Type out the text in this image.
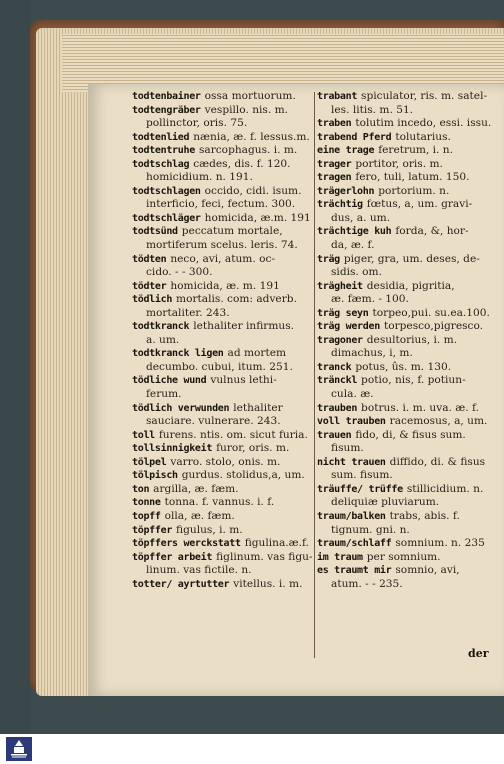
todtenbainer ossa mortuorum.
todtengräber vespillo. nis. m.
pollinctor, oris. 75.
todtenlied nænia, æ. f. lessus.m.
todtentruhe sarcophagus. i. m.
todtschlag cædes, dis. f. 120.
homicidium. n. 191.
todtschlagen occido, cidi. isum.
interficio, feci, fectum. 300.
todtschläger homicida, æ.m. 191
todtsünd peccatum mortale,
mortiferum scelus. leris. 74.
tödten neco, avi, atum. oc-
cido. - - 300.
tödter homicida, æ. m. 191
tödlich mortalis. com: adverb.
mortaliter. 243.
todtkranck lethaliter infirmus.
a. um.
todtkranck ligen ad mortem
decumbo. cubui, itum. 251.
tödliche wund vulnus lethi-
ferum.
tödlich verwunden lethaliter
sauciare. vulnerare. 243.
toll furens. ntis. om. sicut furia.
tollsinnigkeit furor, oris. m.
tölpel varro. stolo, onis. m.
tölpisch gurdus. stolidus,a, um.
ton argilla, æ. fæm.
tonne tonna. f. vannus. i. f.
topff olla, æ. fæm.
töpffer figulus, i. m.
töpffers werckstatt figulina.æ.f.
töpffer arbeit figlinum. vas figu-
linum. vas fictile. n.
totter/ ayrtutter vitellus. i. m.
trabant spiculator, ris. m. satel-
les. litis. m. 51.
traben tolutim incedo, essi. issu.
trabend Pferd tolutarius.
eine trage feretrum, i. n.
trager portitor, oris. m.
tragen fero, tuli, latum. 150.
trägerlohn portorium. n.
trächtig fœtus, a, um. gravi-
dus, a. um.
trächtige kuh forda, &, hor-
da, æ. f.
träg piger, gra, um. deses, de-
sidis. om.
trägheit desidia, pigritia,
æ. fæm. - 100.
träg seyn torpeo,pui. su.ea.100.
träg werden torpesco,pigresco.
tragoner desultorius, i. m.
dimachus, i, m.
tranck potus, ûs. m. 130.
tränckl potio, nis, f. potiun-
cula. æ.
trauben botrus. i. m. uva. æ. f.
voll trauben racemosus, a, um.
trauen fido, di, & fisus sum.
fisum.
nicht trauen diffido, di. & fisus
sum. fisum.
träuffe/ trüffe stillicidium. n.
deliquiæ pluviarum.
traum/balken trabs, abis. f.
tignum. gni. n.
traum/schlaff somnium. n. 235
im traum per somnium.
es traumt mir somnio, avi,
atum. - - 235.
der
